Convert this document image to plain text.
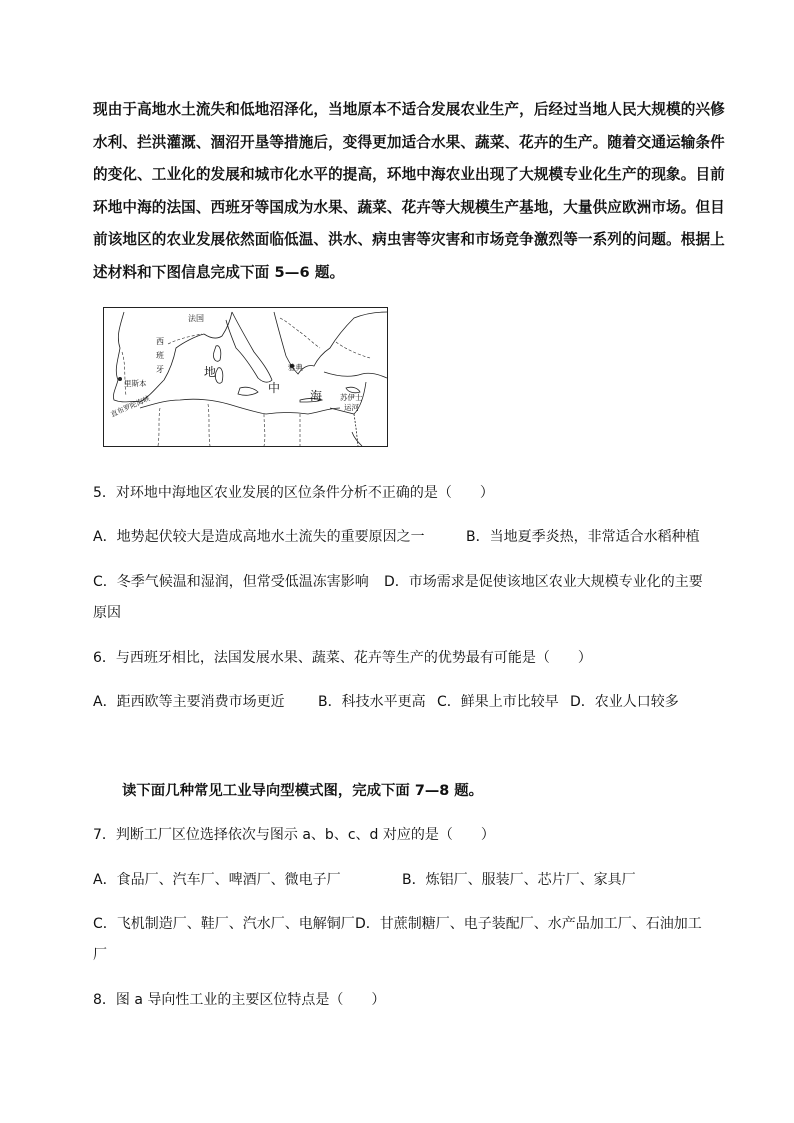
现由于高地水土流失和低地沼泽化，当地原本不适合发展农业生产，后经过当地人民大规模的兴修
水利、拦洪灌溉、涸沼开垦等措施后，变得更加适合水果、蔬菜、花卉的生产。随着交通运输条件
的变化、工业化的发展和城市化水平的提高，环地中海农业出现了大规模专业化生产的现象。目前
环地中海的法国、西班牙等国成为水果、蔬菜、花卉等大规模生产基地，大量供应欧洲市场。但目
前该地区的农业发展依然面临低温、洪水、病虫害等灾害和市场竞争激烈等一系列的问题。根据上
述材料和下图信息完成下面 5—6 题。
法国
西
班
牙
里斯本
直布罗陀海峡
地
中
海
雅典
苏伊士
运河
5．对环地中海地区农业发展的区位条件分析不正确的是（　　）
A．地势起伏较大是造成高地水土流失的重要原因之一	B．当地夏季炎热，非常适合水稻种植
C．冬季气候温和湿润，但常受低温冻害影响 D．市场需求是促使该地区农业大规模专业化的主要
原因
6．与西班牙相比，法国发展水果、蔬菜、花卉等生产的优势最有可能是（　　）
A．距西欧等主要消费市场更近 B．科技水平更高 C．鲜果上市比较早 D．农业人口较多
读下面几种常见工业导向型模式图，完成下面 7—8 题。
7．判断工厂区位选择依次与图示 a、b、c、d 对应的是（　　）
A．食品厂、汽车厂、啤酒厂、微电子厂	B．炼铝厂、服装厂、芯片厂、家具厂
C．飞机制造厂、鞋厂、汽水厂、电解铜厂 D．甘蔗制糖厂、电子装配厂、水产品加工厂、石油加工
厂
8．图 a 导向性工业的主要区位特点是（　　）
